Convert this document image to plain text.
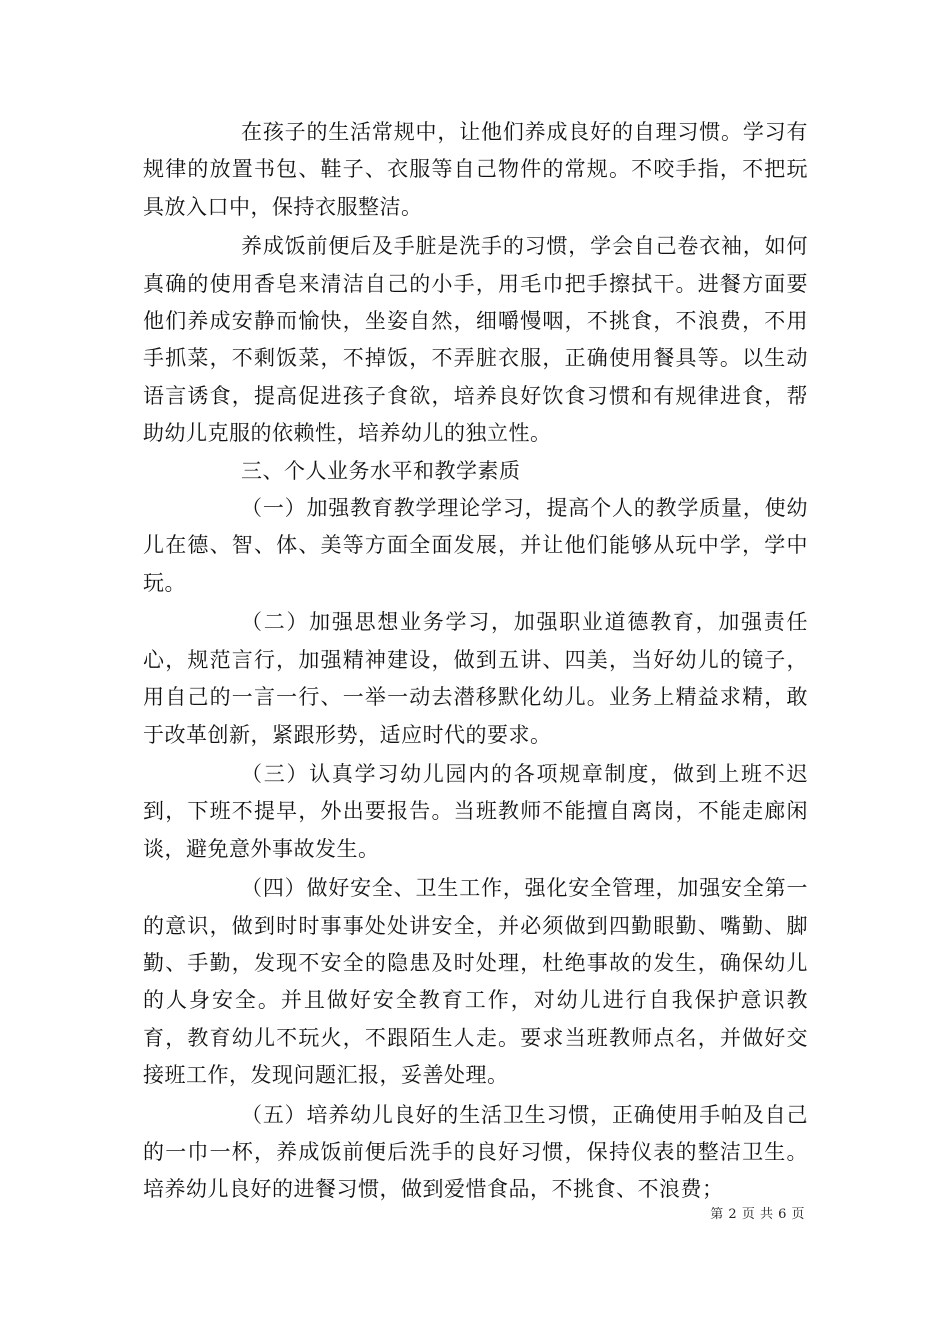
在孩子的生活常规中，让他们养成良好的自理习惯。学习有规律的放置书包、鞋子、衣服等自己物件的常规。不咬手指，不把玩具放入口中，保持衣服整洁。

养成饭前便后及手脏是洗手的习惯，学会自己卷衣袖，如何真确的使用香皂来清洁自己的小手，用毛巾把手擦拭干。进餐方面要他们养成安静而愉快，坐姿自然，细嚼慢咽，不挑食，不浪费，不用手抓菜，不剩饭菜，不掉饭，不弄脏衣服，正确使用餐具等。以生动语言诱食，提高促进孩子食欲，培养良好饮食习惯和有规律进食，帮助幼儿克服的依赖性，培养幼儿的独立性。

三、个人业务水平和教学素质

（一）加强教育教学理论学习，提高个人的教学质量，使幼儿在德、智、体、美等方面全面发展，并让他们能够从玩中学，学中玩。

（二）加强思想业务学习，加强职业道德教育，加强责任心，规范言行，加强精神建设，做到五讲、四美，当好幼儿的镜子，用自己的一言一行、一举一动去潜移默化幼儿。业务上精益求精，敢于改革创新，紧跟形势，适应时代的要求。

（三）认真学习幼儿园内的各项规章制度，做到上班不迟到，下班不提早，外出要报告。当班教师不能擅自离岗，不能走廊闲谈，避免意外事故发生。

（四）做好安全、卫生工作，强化安全管理，加强安全第一的意识，做到时时事事处处讲安全，并必须做到四勤眼勤、嘴勤、脚勤、手勤，发现不安全的隐患及时处理，杜绝事故的发生，确保幼儿的人身安全。并且做好安全教育工作，对幼儿进行自我保护意识教育，教育幼儿不玩火，不跟陌生人走。要求当班教师点名，并做好交接班工作，发现问题汇报，妥善处理。

（五）培养幼儿良好的生活卫生习惯，正确使用手帕及自己的一巾一杯，养成饭前便后洗手的良好习惯，保持仪表的整洁卫生。培养幼儿良好的进餐习惯，做到爱惜食品，不挑食、不浪费；

第 2 页 共 6 页
